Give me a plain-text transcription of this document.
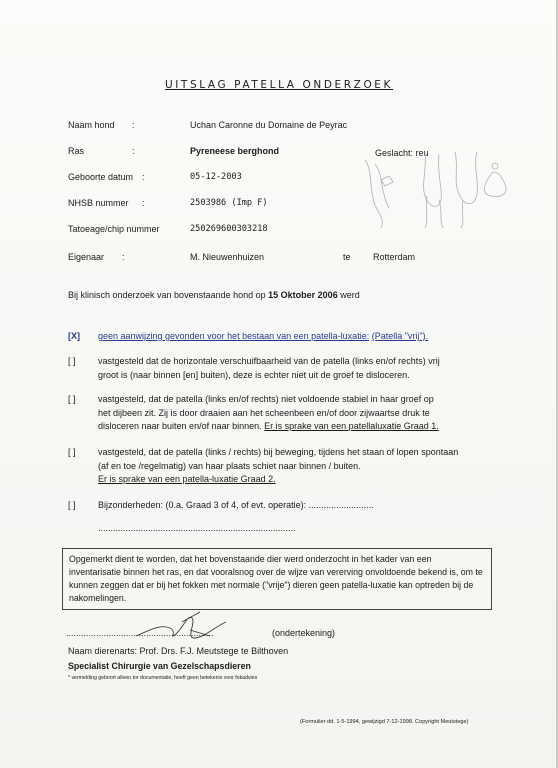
UITSLAG PATELLA ONDERZOEK
Naam hond :	Uchan Caronne du Domaine de Peyrac
Ras	:	Pyreneese berghond	Geslacht: reu
Geboorte datum :	05-12-2003
NHSB nummer :	2503986 (Imp F)
Tatoeage/chip nummer	250269600303218
Eigenaar :	M. Nieuwenhuizen	te Rotterdam
Bij klinisch onderzoek van bovenstaande hond op 15 Oktober 2006 werd
[X]	geen aanwijzing gevonden voor het bestaan van een patella-luxatie: (Patella "vrij").
[ ]	vastgesteld dat de horizontale verschuifbaarheid van de patella (links en/of rechts) vrij
groot is (naar binnen [en] buiten), deze is echter niet uit de groef te disloceren.
[ ]	vastgesteld, dat de patella (links en/of rechts) niet voldoende stabiel in haar groef op
het dijbeen zit. Zij is door draaien aan het scheenbeen en/of door zijwaartse druk te
disloceren naar buiten en/of naar binnen. Er is sprake van een patellaluxatie Graad 1.
[ ]	vastgesteld, dat de patella (links / rechts) bij beweging, tijdens het staan of lopen spontaan
(af en toe /regelmatig) van haar plaats schiet naar binnen / buiten.
Er is sprake van een patella-luxatie Graad 2.
[ ]	Bijzonderheden: (0.a. Graad 3 of 4, of evt. operatie): ..........................
...............................................................................
Opgemerkt dient te worden, dat het bovenstaande dier werd onderzocht in het kader van een inventarisatie binnen het ras, en dat vooralsnog over de wijze van vererving onvoldoende bekend is, om te kunnen zeggen dat er bij het fokken met normale ("vrije") dieren geen patella-luxatie kan optreden bij de nakomelingen.
...........................................................	(ondertekening)
Naam dierenarts: Prof. Drs. F.J. Meutstege te Bilthoven
Specialist Chirurgie van Gezelschapsdieren
* vermelding geboort alleen tor documentatie, heeft geen betekenis voor fokadvies
(Formulier dd. 1-5-1994, gewijzigd 7-12-1998. Copyright Meutstege)
